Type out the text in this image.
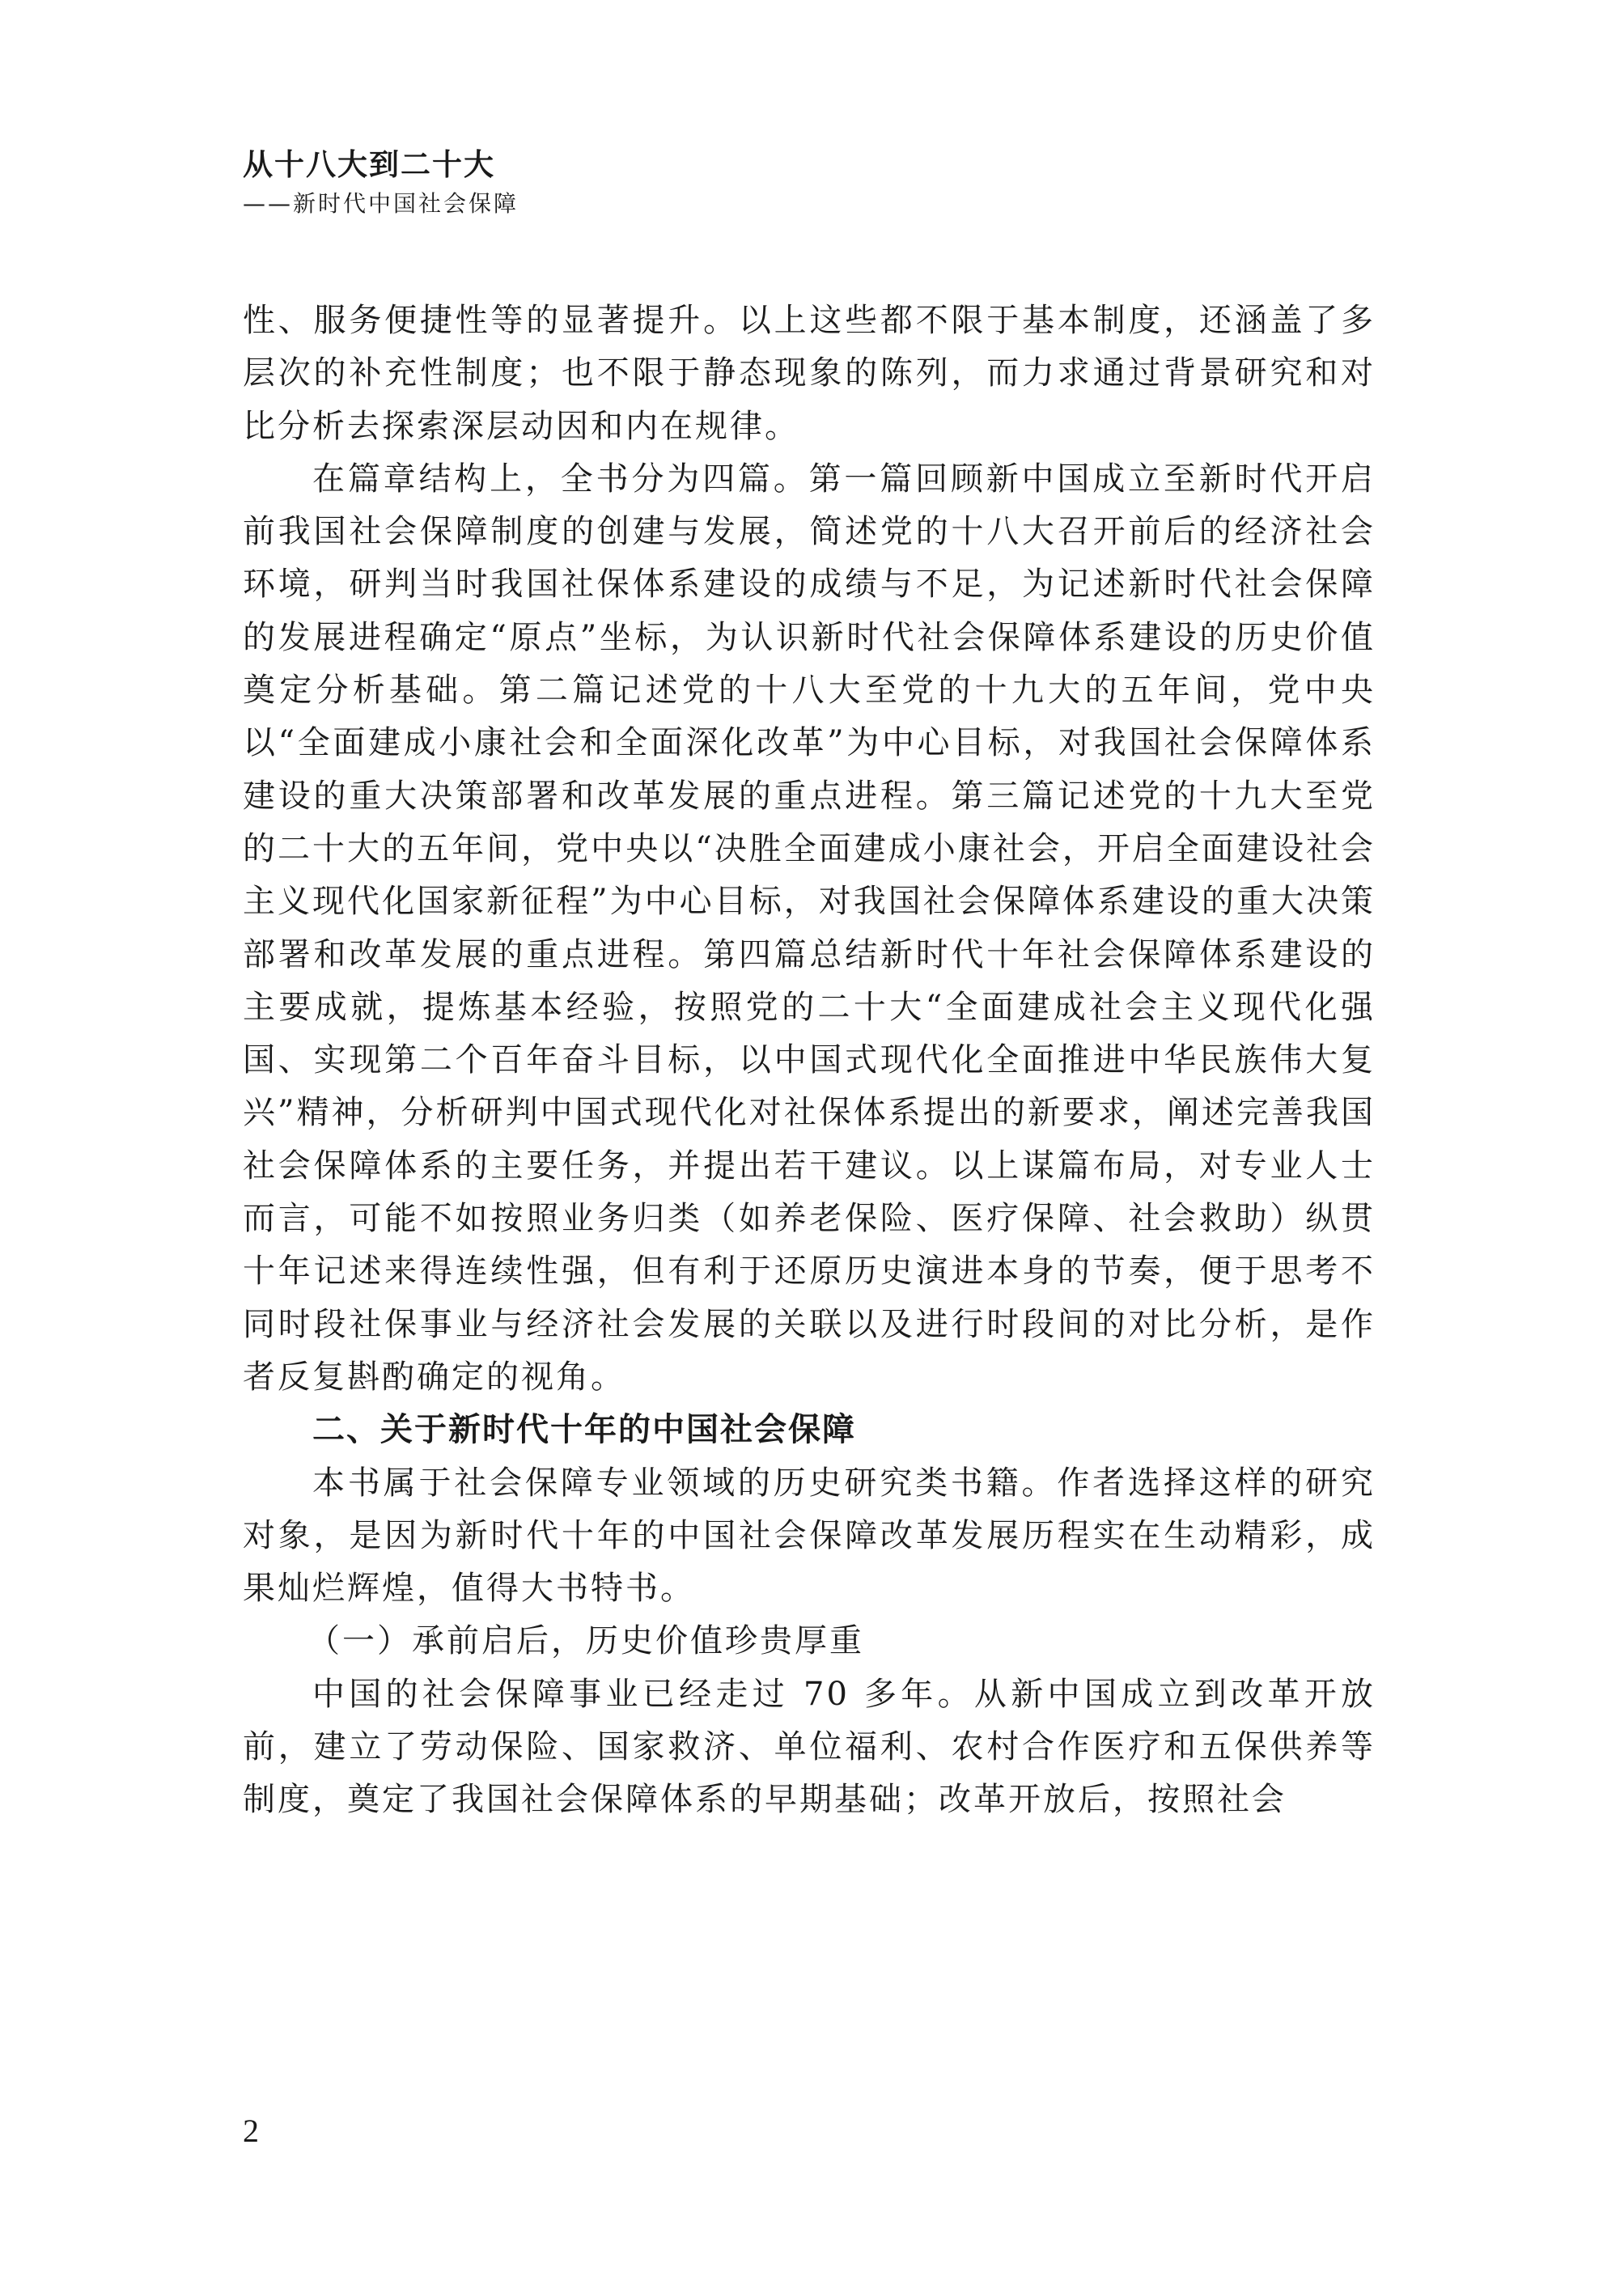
从十八大到二十大
——新时代中国社会保障

性、服务便捷性等的显著提升。以上这些都不限于基本制度，还涵盖了多层次的补充性制度；也不限于静态现象的陈列，而力求通过背景研究和对比分析去探索深层动因和内在规律。

在篇章结构上，全书分为四篇。第一篇回顾新中国成立至新时代开启前我国社会保障制度的创建与发展，简述党的十八大召开前后的经济社会环境，研判当时我国社保体系建设的成绩与不足，为记述新时代社会保障的发展进程确定“原点”坐标，为认识新时代社会保障体系建设的历史价值奠定分析基础。第二篇记述党的十八大至党的十九大的五年间，党中央以“全面建成小康社会和全面深化改革”为中心目标，对我国社会保障体系建设的重大决策部署和改革发展的重点进程。第三篇记述党的十九大至党的二十大的五年间，党中央以“决胜全面建成小康社会，开启全面建设社会主义现代化国家新征程”为中心目标，对我国社会保障体系建设的重大决策部署和改革发展的重点进程。第四篇总结新时代十年社会保障体系建设的主要成就，提炼基本经验，按照党的二十大“全面建成社会主义现代化强国、实现第二个百年奋斗目标，以中国式现代化全面推进中华民族伟大复兴”精神，分析研判中国式现代化对社保体系提出的新要求，阐述完善我国社会保障体系的主要任务，并提出若干建议。以上谋篇布局，对专业人士而言，可能不如按照业务归类（如养老保险、医疗保障、社会救助）纵贯十年记述来得连续性强，但有利于还原历史演进本身的节奏，便于思考不同时段社保事业与经济社会发展的关联以及进行时段间的对比分析，是作者反复斟酌确定的视角。

二、关于新时代十年的中国社会保障

本书属于社会保障专业领域的历史研究类书籍。作者选择这样的研究对象，是因为新时代十年的中国社会保障改革发展历程实在生动精彩，成果灿烂辉煌，值得大书特书。

（一）承前启后，历史价值珍贵厚重

中国的社会保障事业已经走过 70 多年。从新中国成立到改革开放前，建立了劳动保险、国家救济、单位福利、农村合作医疗和五保供养等制度，奠定了我国社会保障体系的早期基础；改革开放后，按照社会

2
